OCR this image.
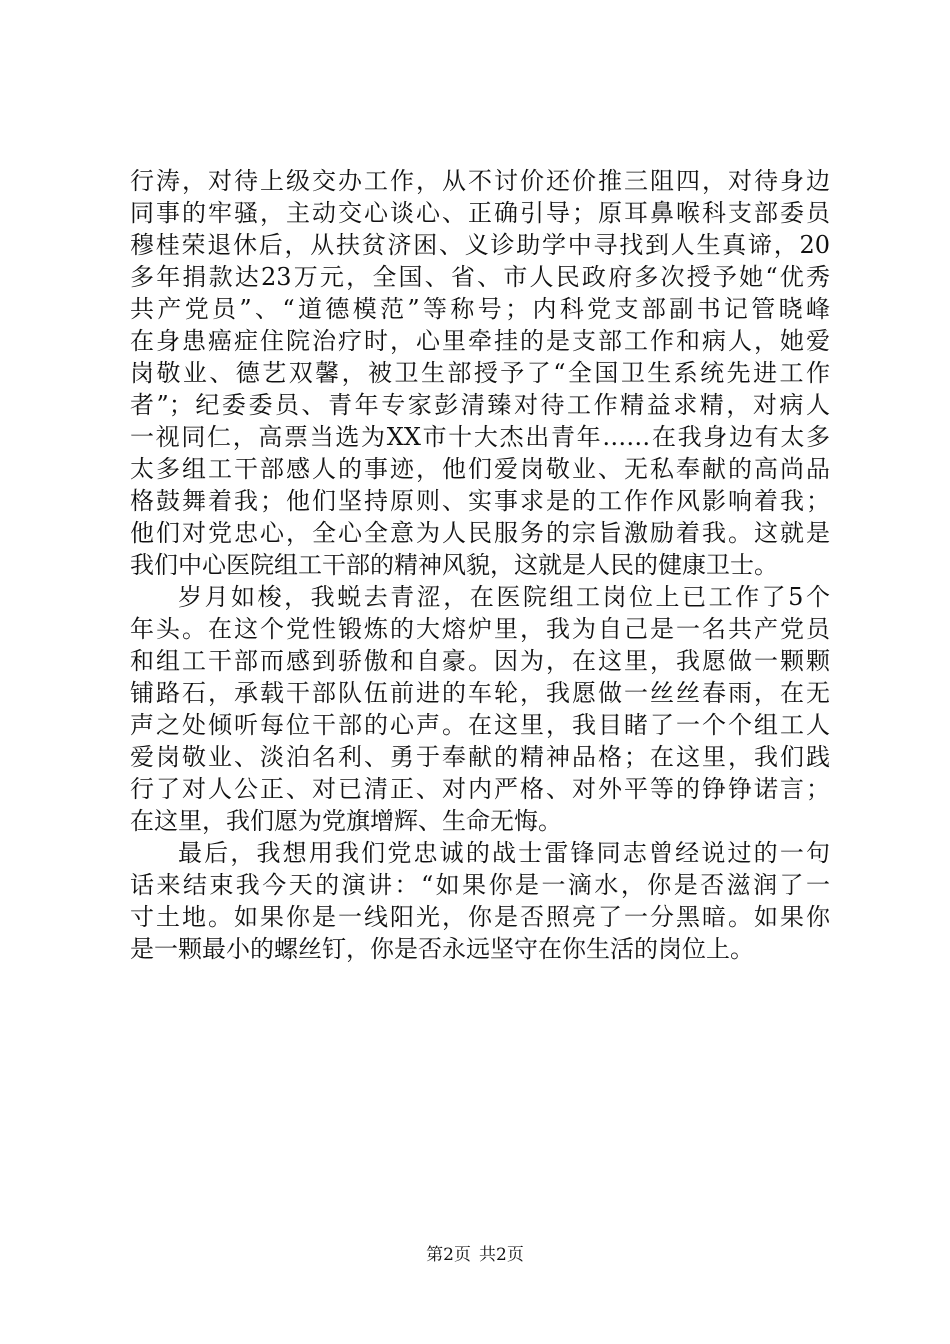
行涛，对待上级交办工作，从不讨价还价推三阻四，对待身边
同事的牢骚，主动交心谈心、正确引导；原耳鼻喉科支部委员
穆桂荣退休后，从扶贫济困、义诊助学中寻找到人生真谛，20
多年捐款达23万元，全国、省、市人民政府多次授予她“优秀
共产党员”、“道德模范”等称号；内科党支部副书记管晓峰
在身患癌症住院治疗时，心里牵挂的是支部工作和病人，她爱
岗敬业、德艺双馨，被卫生部授予了“全国卫生系统先进工作
者”；纪委委员、青年专家彭清臻对待工作精益求精，对病人
一视同仁，高票当选为XX市十大杰出青年……在我身边有太多
太多组工干部感人的事迹，他们爱岗敬业、无私奉献的高尚品
格鼓舞着我；他们坚持原则、实事求是的工作作风影响着我；
他们对党忠心，全心全意为人民服务的宗旨激励着我。这就是
我们中心医院组工干部的精神风貌，这就是人民的健康卫士。
岁月如梭，我蜕去青涩，在医院组工岗位上已工作了5个
年头。在这个党性锻炼的大熔炉里，我为自己是一名共产党员
和组工干部而感到骄傲和自豪。因为，在这里，我愿做一颗颗
铺路石，承载干部队伍前进的车轮，我愿做一丝丝春雨，在无
声之处倾听每位干部的心声。在这里，我目睹了一个个组工人
爱岗敬业、淡泊名利、勇于奉献的精神品格；在这里，我们践
行了对人公正、对已清正、对内严格、对外平等的铮铮诺言；
在这里，我们愿为党旗增辉、生命无悔。
最后，我想用我们党忠诚的战士雷锋同志曾经说过的一句
话来结束我今天的演讲：“如果你是一滴水，你是否滋润了一
寸土地。如果你是一线阳光，你是否照亮了一分黑暗。如果你
是一颗最小的螺丝钉，你是否永远坚守在你生活的岗位上。
第2页 共2页
